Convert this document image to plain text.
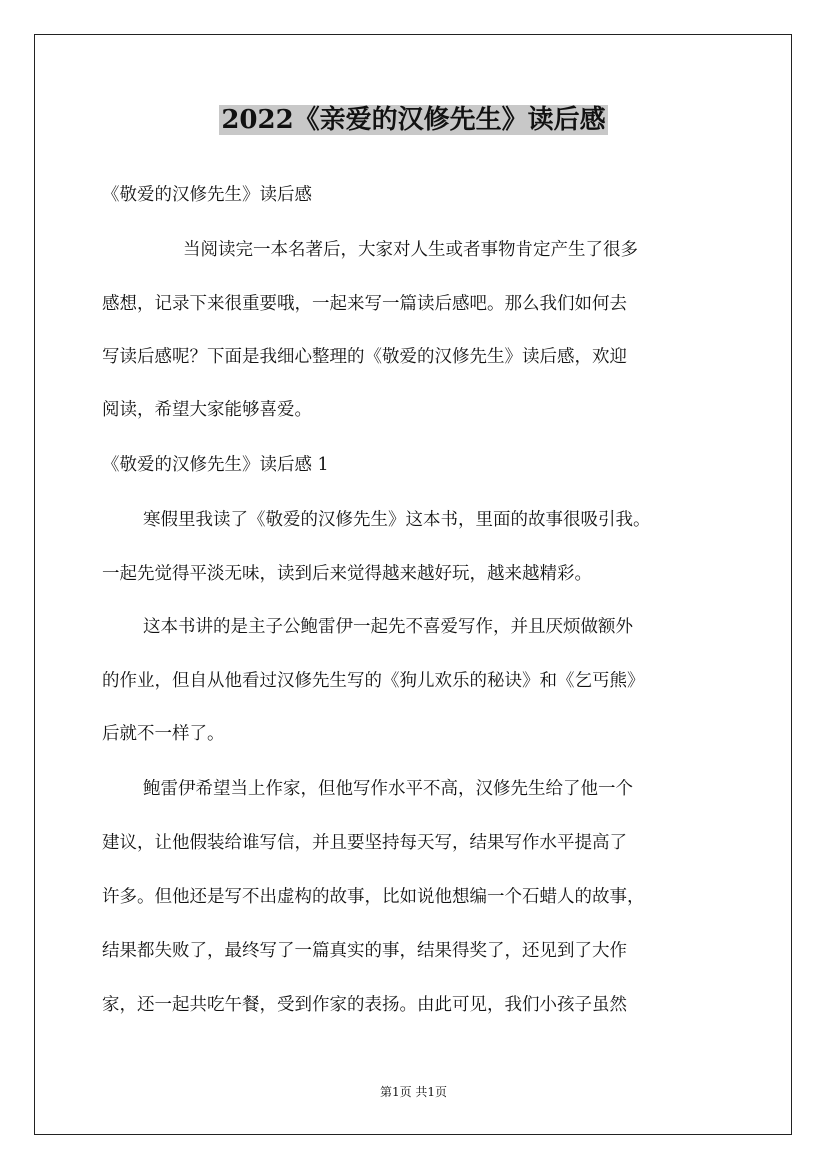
2022《亲爱的汉修先生》读后感
《敬爱的汉修先生》读后感
当阅读完一本名著后，大家对人生或者事物肯定产生了很多
感想，记录下来很重要哦，一起来写一篇读后感吧。那么我们如何去
写读后感呢？下面是我细心整理的《敬爱的汉修先生》读后感，欢迎
阅读，希望大家能够喜爱。
《敬爱的汉修先生》读后感 1
寒假里我读了《敬爱的汉修先生》这本书，里面的故事很吸引我。
一起先觉得平淡无味，读到后来觉得越来越好玩，越来越精彩。
这本书讲的是主子公鲍雷伊一起先不喜爱写作，并且厌烦做额外
的作业，但自从他看过汉修先生写的《狗儿欢乐的秘诀》和《乞丐熊》
后就不一样了。
鲍雷伊希望当上作家，但他写作水平不高，汉修先生给了他一个
建议，让他假装给谁写信，并且要坚持每天写，结果写作水平提高了
许多。但他还是写不出虚构的故事，比如说他想编一个石蜡人的故事，
结果都失败了，最终写了一篇真实的事，结果得奖了，还见到了大作
家，还一起共吃午餐，受到作家的表扬。由此可见，我们小孩子虽然
第1页 共1页
